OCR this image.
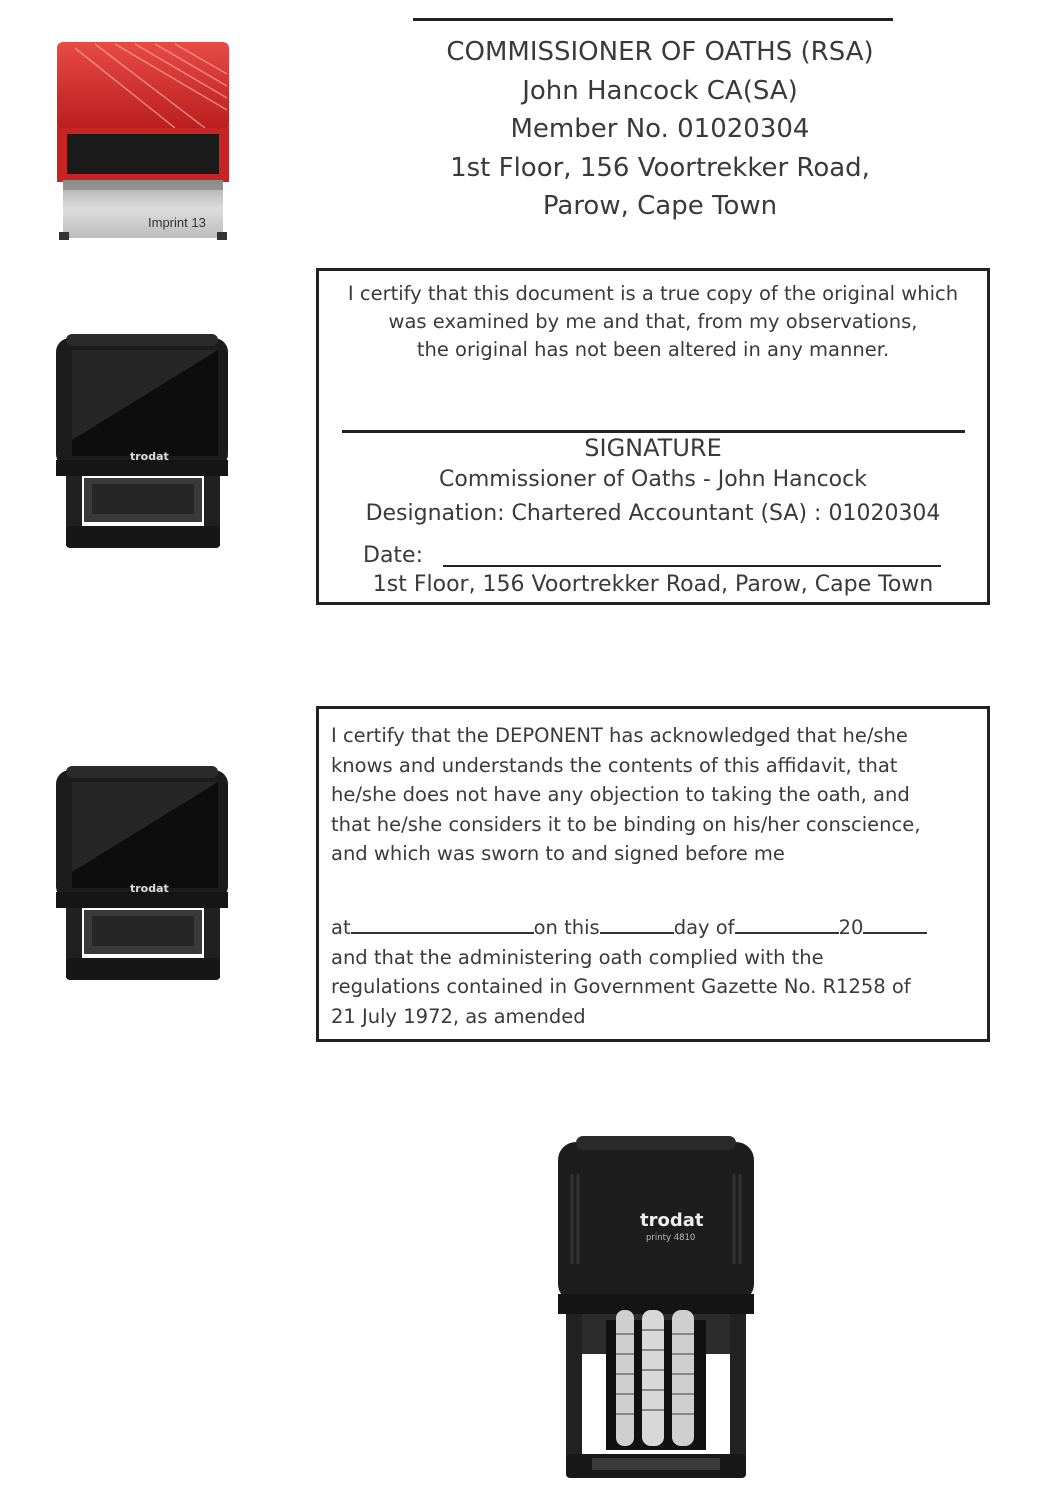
Imprint 13
trodat
trodat
trodat
printy 4810
COMMISSIONER OF OATHS (RSA)
John Hancock CA(SA)
Member No. 01020304
1st Floor, 156 Voortrekker Road,
Parow, Cape Town
I certify that this document is a true copy of the original which
was examined by me and that, from my observations,
the original has not been altered in any manner.
SIGNATURE
Commissioner of Oaths - John Hancock
Designation: Chartered Accountant (SA) : 01020304
Date:
1st Floor, 156 Voortrekker Road, Parow, Cape Town
I certify that the DEPONENT has acknowledged that he/she
knows and understands the contents of this affidavit, that
he/she does not have any objection to taking the oath, and
that he/she considers it to be binding on his/her conscience,
and which was sworn to and signed before me
at	on this	day of	20
and that the administering oath complied with the
regulations contained in Government Gazette No. R1258 of
21 July 1972, as amended
